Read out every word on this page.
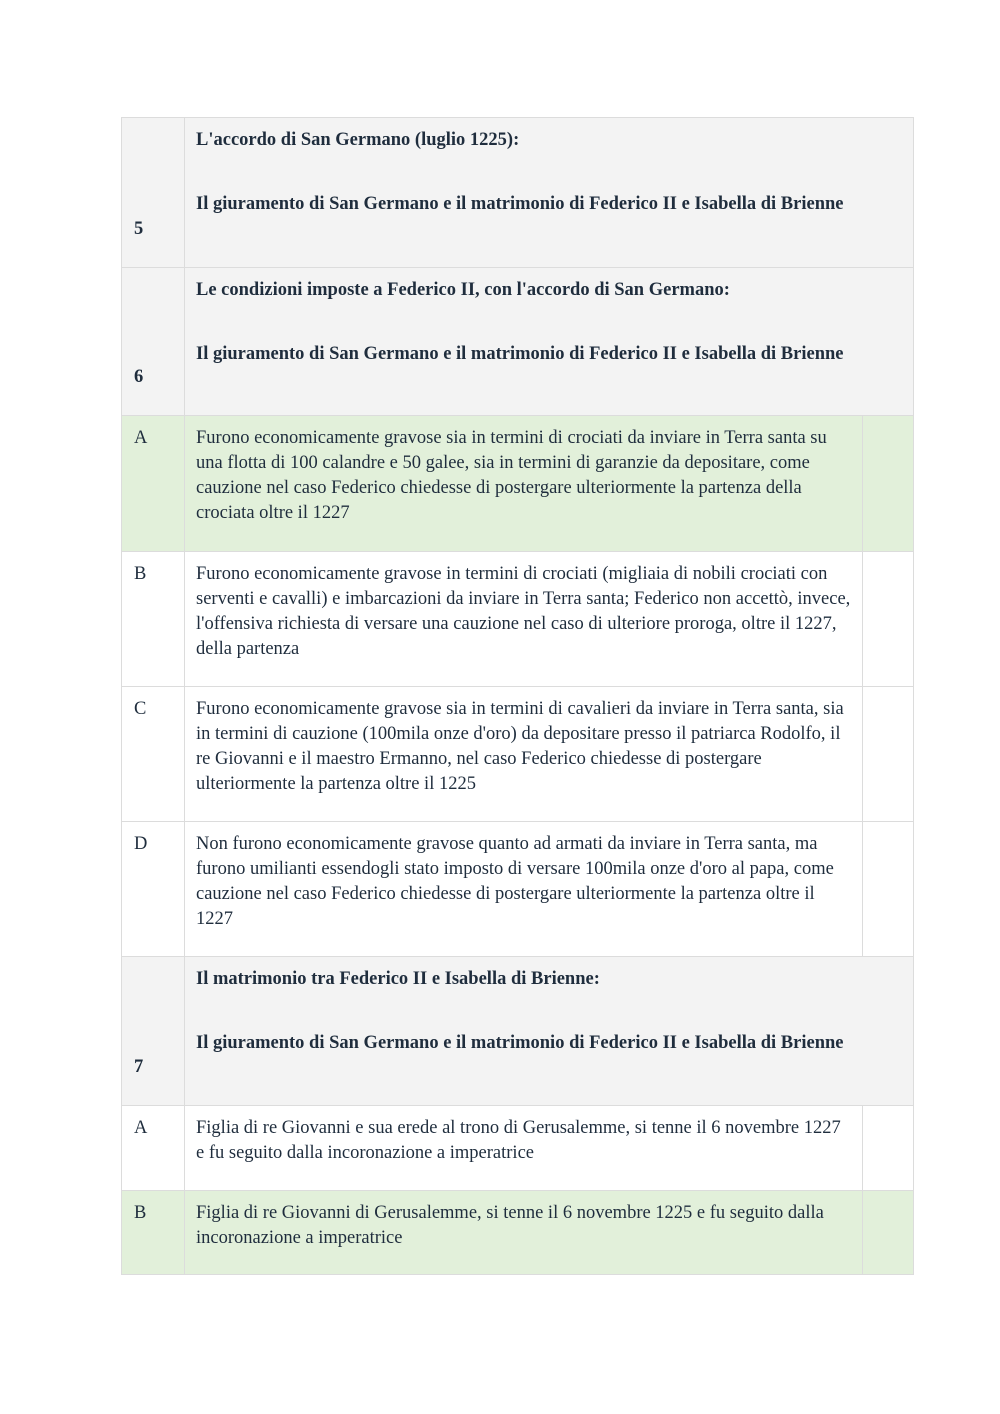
5	L'accordo di San Germano (luglio 1225):

Il giuramento di San Germano e il matrimonio di Federico II e Isabella di Brienne	

6	Le condizioni imposte a Federico II, con l'accordo di San Germano:

Il giuramento di San Germano e il matrimonio di Federico II e Isabella di Brienne	

A	Furono economicamente gravose sia in termini di crociati da inviare in Terra santa su una flotta di 100 calandre e 50 galee, sia in termini di garanzie da depositare, come cauzione nel caso Federico chiedesse di postergare ulteriormente la partenza della crociata oltre il 1227	
B	Furono economicamente gravose in termini di crociati (migliaia di nobili crociati con serventi e cavalli) e imbarcazioni da inviare in Terra santa; Federico non accettò, invece, l'offensiva richiesta di versare una cauzione nel caso di ulteriore proroga, oltre il 1227, della partenza	
C	Furono economicamente gravose sia in termini di cavalieri da inviare in Terra santa, sia in termini di cauzione (100mila onze d'oro) da depositare presso il patriarca Rodolfo, il re Giovanni e il maestro Ermanno, nel caso Federico chiedesse di postergare ulteriormente la partenza oltre il 1225	
D	Non furono economicamente gravose quanto ad armati da inviare in Terra santa, ma furono umilianti essendogli stato imposto di versare 100mila onze d'oro al papa, come cauzione nel caso Federico chiedesse di postergare ulteriormente la partenza oltre il 1227	
7	Il matrimonio tra Federico II e Isabella di Brienne:

Il giuramento di San Germano e il matrimonio di Federico II e Isabella di Brienne	

A	Figlia di re Giovanni e sua erede al trono di Gerusalemme, si tenne il 6 novembre 1227 e fu seguito dalla incoronazione a imperatrice	
B	Figlia di re Giovanni di Gerusalemme, si tenne il 6 novembre 1225 e fu seguito dalla incoronazione a imperatrice	
